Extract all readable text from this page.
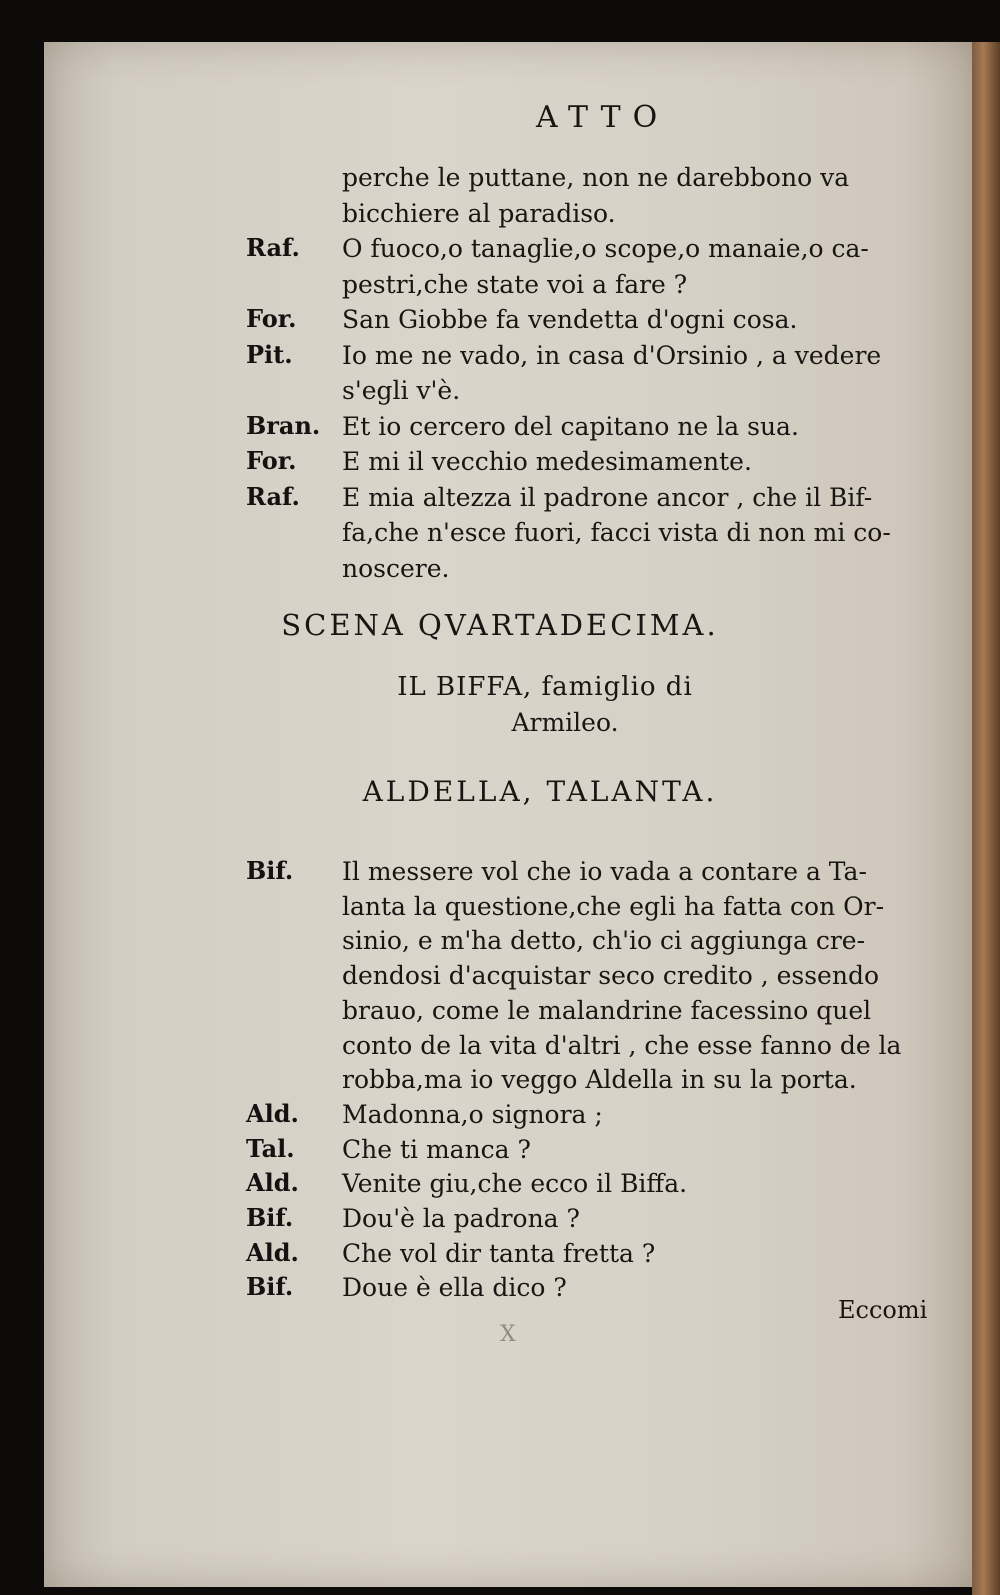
ATTO
perche le puttane, non ne darebbono va
bicchiere al paradiso.
Raf. O fuoco,o tanaglie,o scope,o manaie,o ca-
pestri,che state voi a fare ?
For. San Giobbe fa vendetta d'ogni cosa.
Pit. Io me ne vado, in casa d'Orsinio , a vedere
s'egli v'è.
Bran. Et io cercero del capitano ne la sua.
For. E mi il vecchio medesimamente.
Raf. E mia altezza il padrone ancor , che il Bif-
fa,che n'esce fuori, facci vista di non mi co-
noscere.
SCENA QVARTADECIMA.
IL BIFFA, famiglio di
Armileo.
ALDELLA, TALANTA.
Bif. Il messere vol che io vada a contare a Ta-
lanta la questione,che egli ha fatta con Or-
sinio, e m'ha detto, ch'io ci aggiunga cre-
dendosi d'acquistar seco credito , essendo
brauo, come le malandrine facessino quel
conto de la vita d'altri , che esse fanno de la
robba,ma io veggo Aldella in su la porta.
Ald. Madonna,o signora ;
Tal. Che ti manca ?
Ald. Venite giu,che ecco il Biffa.
Bif. Dou'è la padrona ?
Ald. Che vol dir tanta fretta ?
Bif. Doue è ella dico ?
X
Eccomi
